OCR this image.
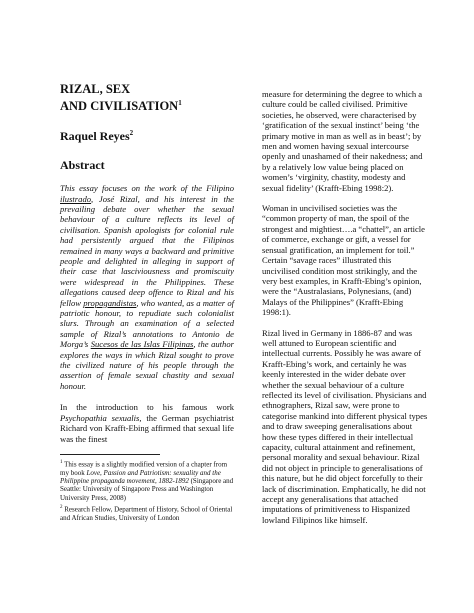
RIZAL, SEX
AND CIVILISATION$^1$
Raquel Reyes$^2$
Abstract

This essay focuses on the work of the Filipino ilustrado, José Rizal, and his interest in the prevailing debate over whether the sexual behaviour of a culture reflects its level of civilisation. Spanish apologists for colonial rule had persistently argued that the Filipinos remained in many ways a backward and primitive people and delighted in alleging in support of their case that lasciviousness and promiscuity were widespread in the Philippines. These allegations caused deep offence to Rizal and his fellow propagandistas, who wanted, as a matter of patriotic honour, to repudiate such colonialist slurs. Through an examination of a selected sample of Rizal’s annotations to Antonio de Morga’s Sucesos de las Islas Filipinas, the author explores the ways in which Rizal sought to prove the civilized nature of his people through the assertion of female sexual chastity and sexual honour.

In the introduction to his famous work Psychopathia sexualis, the German psychiatrist Richard von Krafft-Ebing affirmed that sexual life was the finest

$^1$ This essay is a slightly modified version of a chapter from my book Love, Passion and Patriotism: sexuality and the Philippine propaganda movement, 1882-1892 (Singapore and Seattle: University of Singapore Press and Washington University Press, 2008)

$^2$ Research Fellow, Department of History, School of Oriental and African Studies, University of London

measure for determining the degree to which a culture could be called civilised. Primitive societies, he observed, were characterised by ‘gratification of the sexual instinct’ being ‘the primary motive in man as well as in beast’; by men and women having sexual intercourse openly and unashamed of their nakedness; and by a relatively low value being placed on women’s ‘virginity, chastity, modesty and sexual fidelity’ (Krafft-Ebing 1998:2).

Woman in uncivilised societies was the “common property of man, the spoil of the strongest and mightiest….a “chattel”, an article of commerce, exchange or gift, a vessel for sensual gratification, an implement for toil.” Certain “savage races” illustrated this uncivilised condition most strikingly, and the very best examples, in Krafft-Ebing’s opinion, were the “Australasians, Polynesians, (and) Malays of the Philippines” (Krafft-Ebing 1998:1).

Rizal lived in Germany in 1886-87 and was well attuned to European scientific and intellectual currents. Possibly he was aware of Krafft-Ebing’s work, and certainly he was keenly interested in the wider debate over whether the sexual behaviour of a culture reflected its level of civilisation. Physicians and ethnographers, Rizal saw, were prone to categorise mankind into different physical types and to draw sweeping generalisations about how these types differed in their intellectual capacity, cultural attainment and refinement, personal morality and sexual behaviour. Rizal did not object in principle to generalisations of this nature, but he did object forcefully to their lack of discrimination. Emphatically, he did not accept any generalisations that attached imputations of primitiveness to Hispanized lowland Filipinos like himself.
